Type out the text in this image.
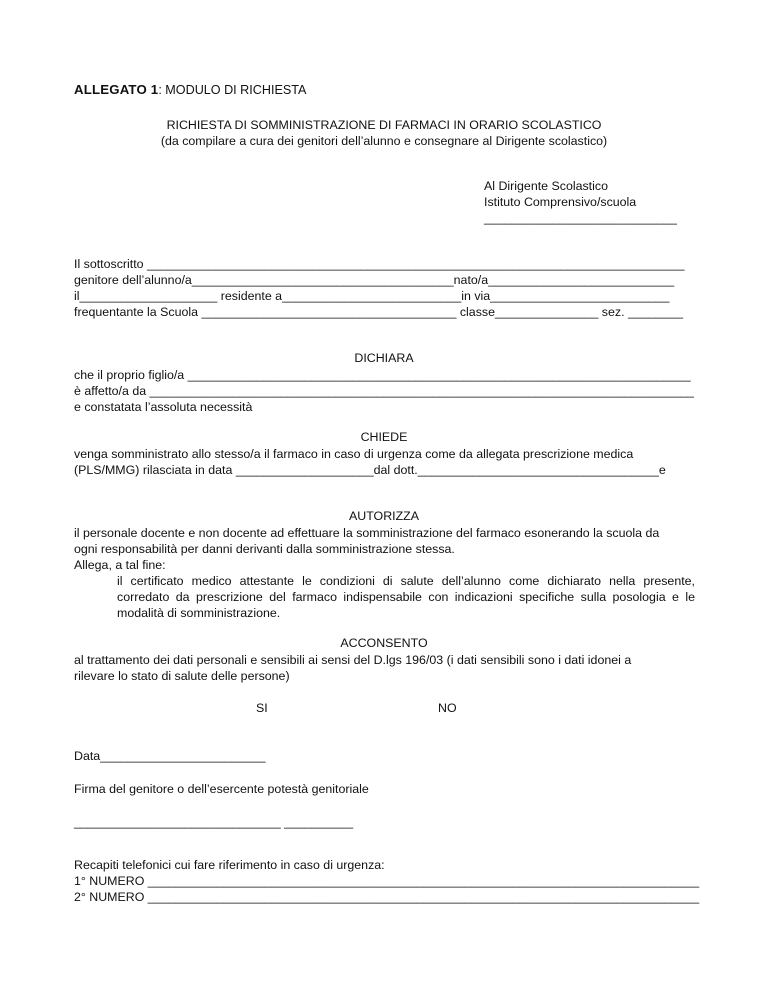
ALLEGATO 1: MODULO DI RICHIESTA
RICHIESTA DI SOMMINISTRAZIONE DI FARMACI IN ORARIO SCOLASTICO
(da compilare a cura dei genitori dell’alunno e consegnare al Dirigente scolastico)
Al Dirigente Scolastico
Istituto Comprensivo/scuola
____________________________
Il sottoscritto ______________________________________________________________________________
genitore dell’alunno/a______________________________________nato/a___________________________
il____________________ residente a__________________________in via__________________________
frequentante la Scuola _____________________________________ classe_______________ sez. ________
DICHIARA
che il proprio figlio/a _________________________________________________________________________
è affetto/a da _______________________________________________________________________________
e constatata l’assoluta necessità
CHIEDE
venga somministrato allo stesso/a il farmaco in caso di urgenza come da allegata prescrizione medica
(PLS/MMG) rilasciata in data ____________________dal dott.___________________________________e
AUTORIZZA
il personale docente e non docente ad effettuare la somministrazione del farmaco esonerando la scuola da
ogni responsabilità per danni derivanti dalla somministrazione stessa.
Allega, a tal fine:

il certificato medico attestante le condizioni di salute dell’alunno come dichiarato nella presente, corredato da prescrizione del farmaco indispensabile con indicazioni specifiche sulla posologia e le modalità di somministrazione.

ACCONSENTO
al trattamento dei dati personali e sensibili ai sensi del D.lgs 196/03 (i dati sensibili sono i dati idonei a
rilevare lo stato di salute delle persone)
SI	NO
Data________________________
Firma del genitore o dell’esercente potestà genitoriale
______________________________ __________
Recapiti telefonici cui fare riferimento in caso di urgenza:
1° NUMERO ________________________________________________________________________________
2° NUMERO ________________________________________________________________________________
